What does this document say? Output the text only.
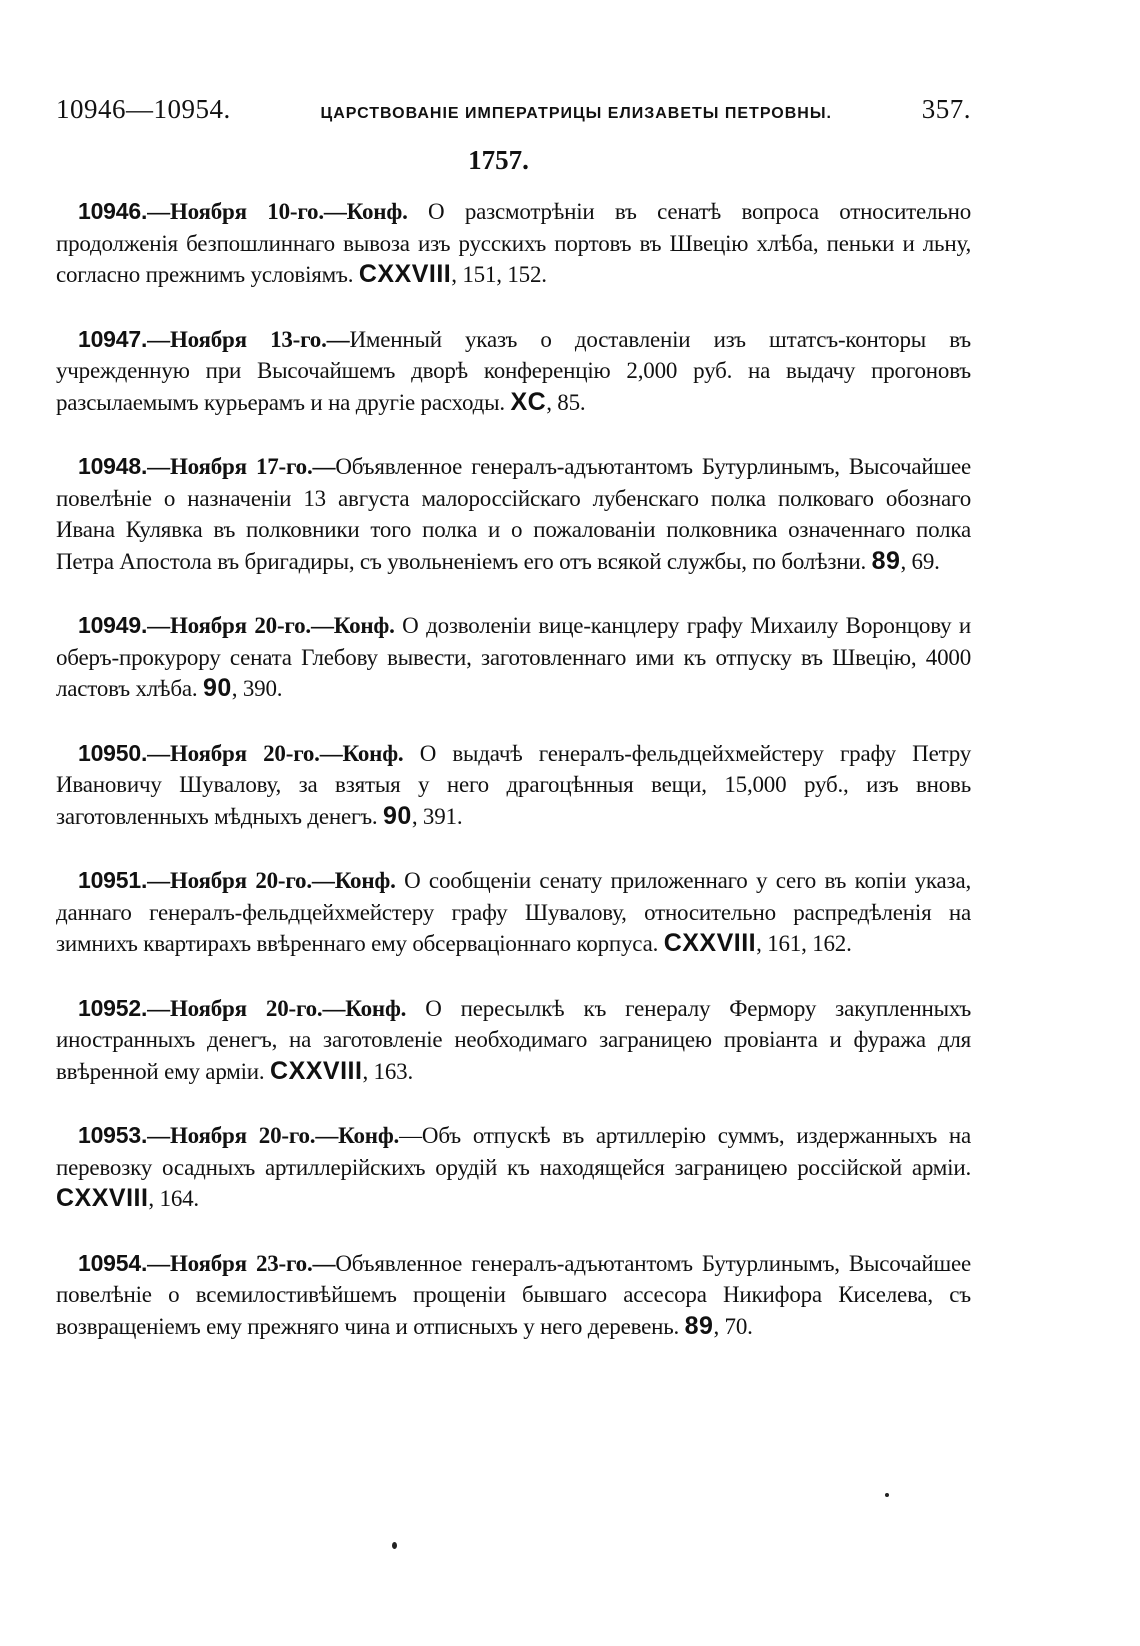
10946—10954.	ЦАРСТВОВАНІЕ ИМПЕРАТРИЦЫ ЕЛИЗАВЕТЫ ПЕТРОВНЫ.	357.
1757.

10946.—Ноября 10-го.—Конф. О разсмотрѣніи въ сенатѣ вопроса относительно продолженія безпошлиннаго вывоза изъ русскихъ портовъ въ Швецію хлѣба, пеньки и льну, согласно прежнимъ условіямъ. CXXVIII, 151, 152.

10947.—Ноября 13-го.—Именный указъ о доставленіи изъ штатсъ-конторы въ учрежденную при Высочайшемъ дворѣ конференцію 2,000 руб. на выдачу прогоновъ разсылаемымъ курьерамъ и на другіе расходы. XC, 85.

10948.—Ноября 17-го.—Объявленное генералъ-адъютантомъ Бутурлинымъ, Высочайшее повелѣніе о назначеніи 13 августа малороссійскаго лубенскаго полка полковаго обознаго Ивана Кулявка въ полковники того полка и о пожалованіи полковника означеннаго полка Петра Апостола въ бригадиры, съ увольненіемъ его отъ всякой службы, по болѣзни. 89, 69.

10949.—Ноября 20-го.—Конф. О дозволеніи вице-канцлеру графу Михаилу Воронцову и оберъ-прокурору сената Глебову вывести, заготовленнаго ими къ отпуску въ Швецію, 4000 ластовъ хлѣба. 90, 390.

10950.—Ноября 20-го.—Конф. О выдачѣ генералъ-фельдцейхмейстеру графу Петру Ивановичу Шувалову, за взятыя у него драгоцѣнныя вещи, 15,000 руб., изъ вновь заготовленныхъ мѣдныхъ денегъ. 90, 391.

10951.—Ноября 20-го.—Конф. О сообщеніи сенату приложеннаго у сего въ копіи указа, даннаго генералъ-фельдцейхмейстеру графу Шувалову, относительно распредѣленія на зимнихъ квартирахъ ввѣреннаго ему обсерваціоннаго корпуса. CXXVIII, 161, 162.

10952.—Ноября 20-го.—Конф. О пересылкѣ къ генералу Фермору закупленныхъ иностранныхъ денегъ, на заготовленіе необходимаго заграницею провіанта и фуража для ввѣренной ему арміи. CXXVIII, 163.

10953.—Ноября 20-го.—Конф.—Объ отпускѣ въ артиллерію суммъ, издержанныхъ на перевозку осадныхъ артиллерійскихъ орудій къ находящейся заграницею россійской арміи. CXXVIII, 164.

10954.—Ноября 23-го.—Объявленное генералъ-адъютантомъ Бутурлинымъ, Высочайшее повелѣніе о всемилостивѣйшемъ прощеніи бывшаго ассесора Никифора Киселева, съ возвращеніемъ ему прежняго чина и отписныхъ у него деревень. 89, 70.
